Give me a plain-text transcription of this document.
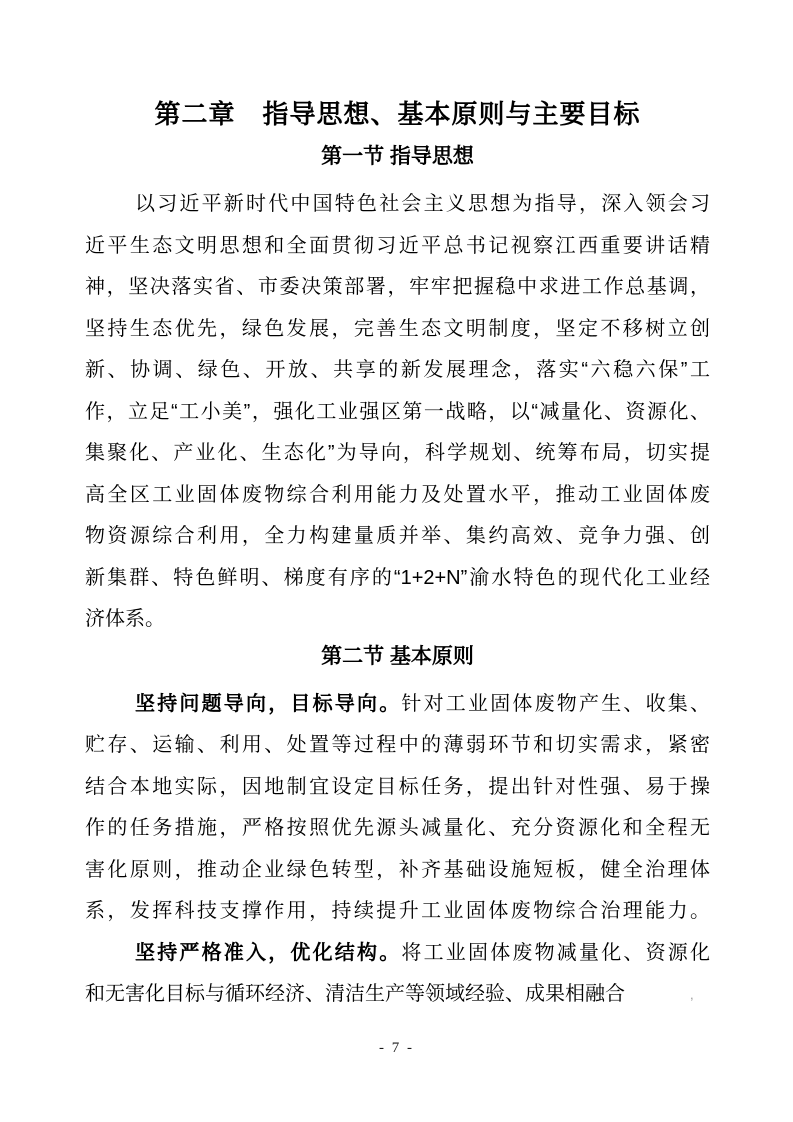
第二章　指导思想、基本原则与主要目标
第一节 指导思想
以习近平新时代中国特色社会主义思想为指导，深入领会习
近平生态文明思想和全面贯彻习近平总书记视察江西重要讲话精
神，坚决落实省、市委决策部署，牢牢把握稳中求进工作总基调，
坚持生态优先，绿色发展，完善生态文明制度，坚定不移树立创
新、协调、绿色、开放、共享的新发展理念，落实“六稳六保”工
作，立足“工小美”，强化工业强区第一战略，以“减量化、资源化、
集聚化、产业化、生态化”为导向，科学规划、统筹布局，切实提
高全区工业固体废物综合利用能力及处置水平，推动工业固体废
物资源综合利用，全力构建量质并举、集约高效、竞争力强、创
新集群、特色鲜明、梯度有序的“1+2+N”渝水特色的现代化工业经
济体系。
第二节 基本原则
坚持问题导向，目标导向。针对工业固体废物产生、收集、
贮存、运输、利用、处置等过程中的薄弱环节和切实需求，紧密
结合本地实际，因地制宜设定目标任务，提出针对性强、易于操
作的任务措施，严格按照优先源头减量化、充分资源化和全程无
害化原则，推动企业绿色转型，补齐基础设施短板，健全治理体
系，发挥科技支撑作用，持续提升工业固体废物综合治理能力。
坚持严格准入，优化结构。将工业固体废物减量化、资源化
和无害化目标与循环经济、清洁生产等领域经验、成果相融合	,
- 7 -
